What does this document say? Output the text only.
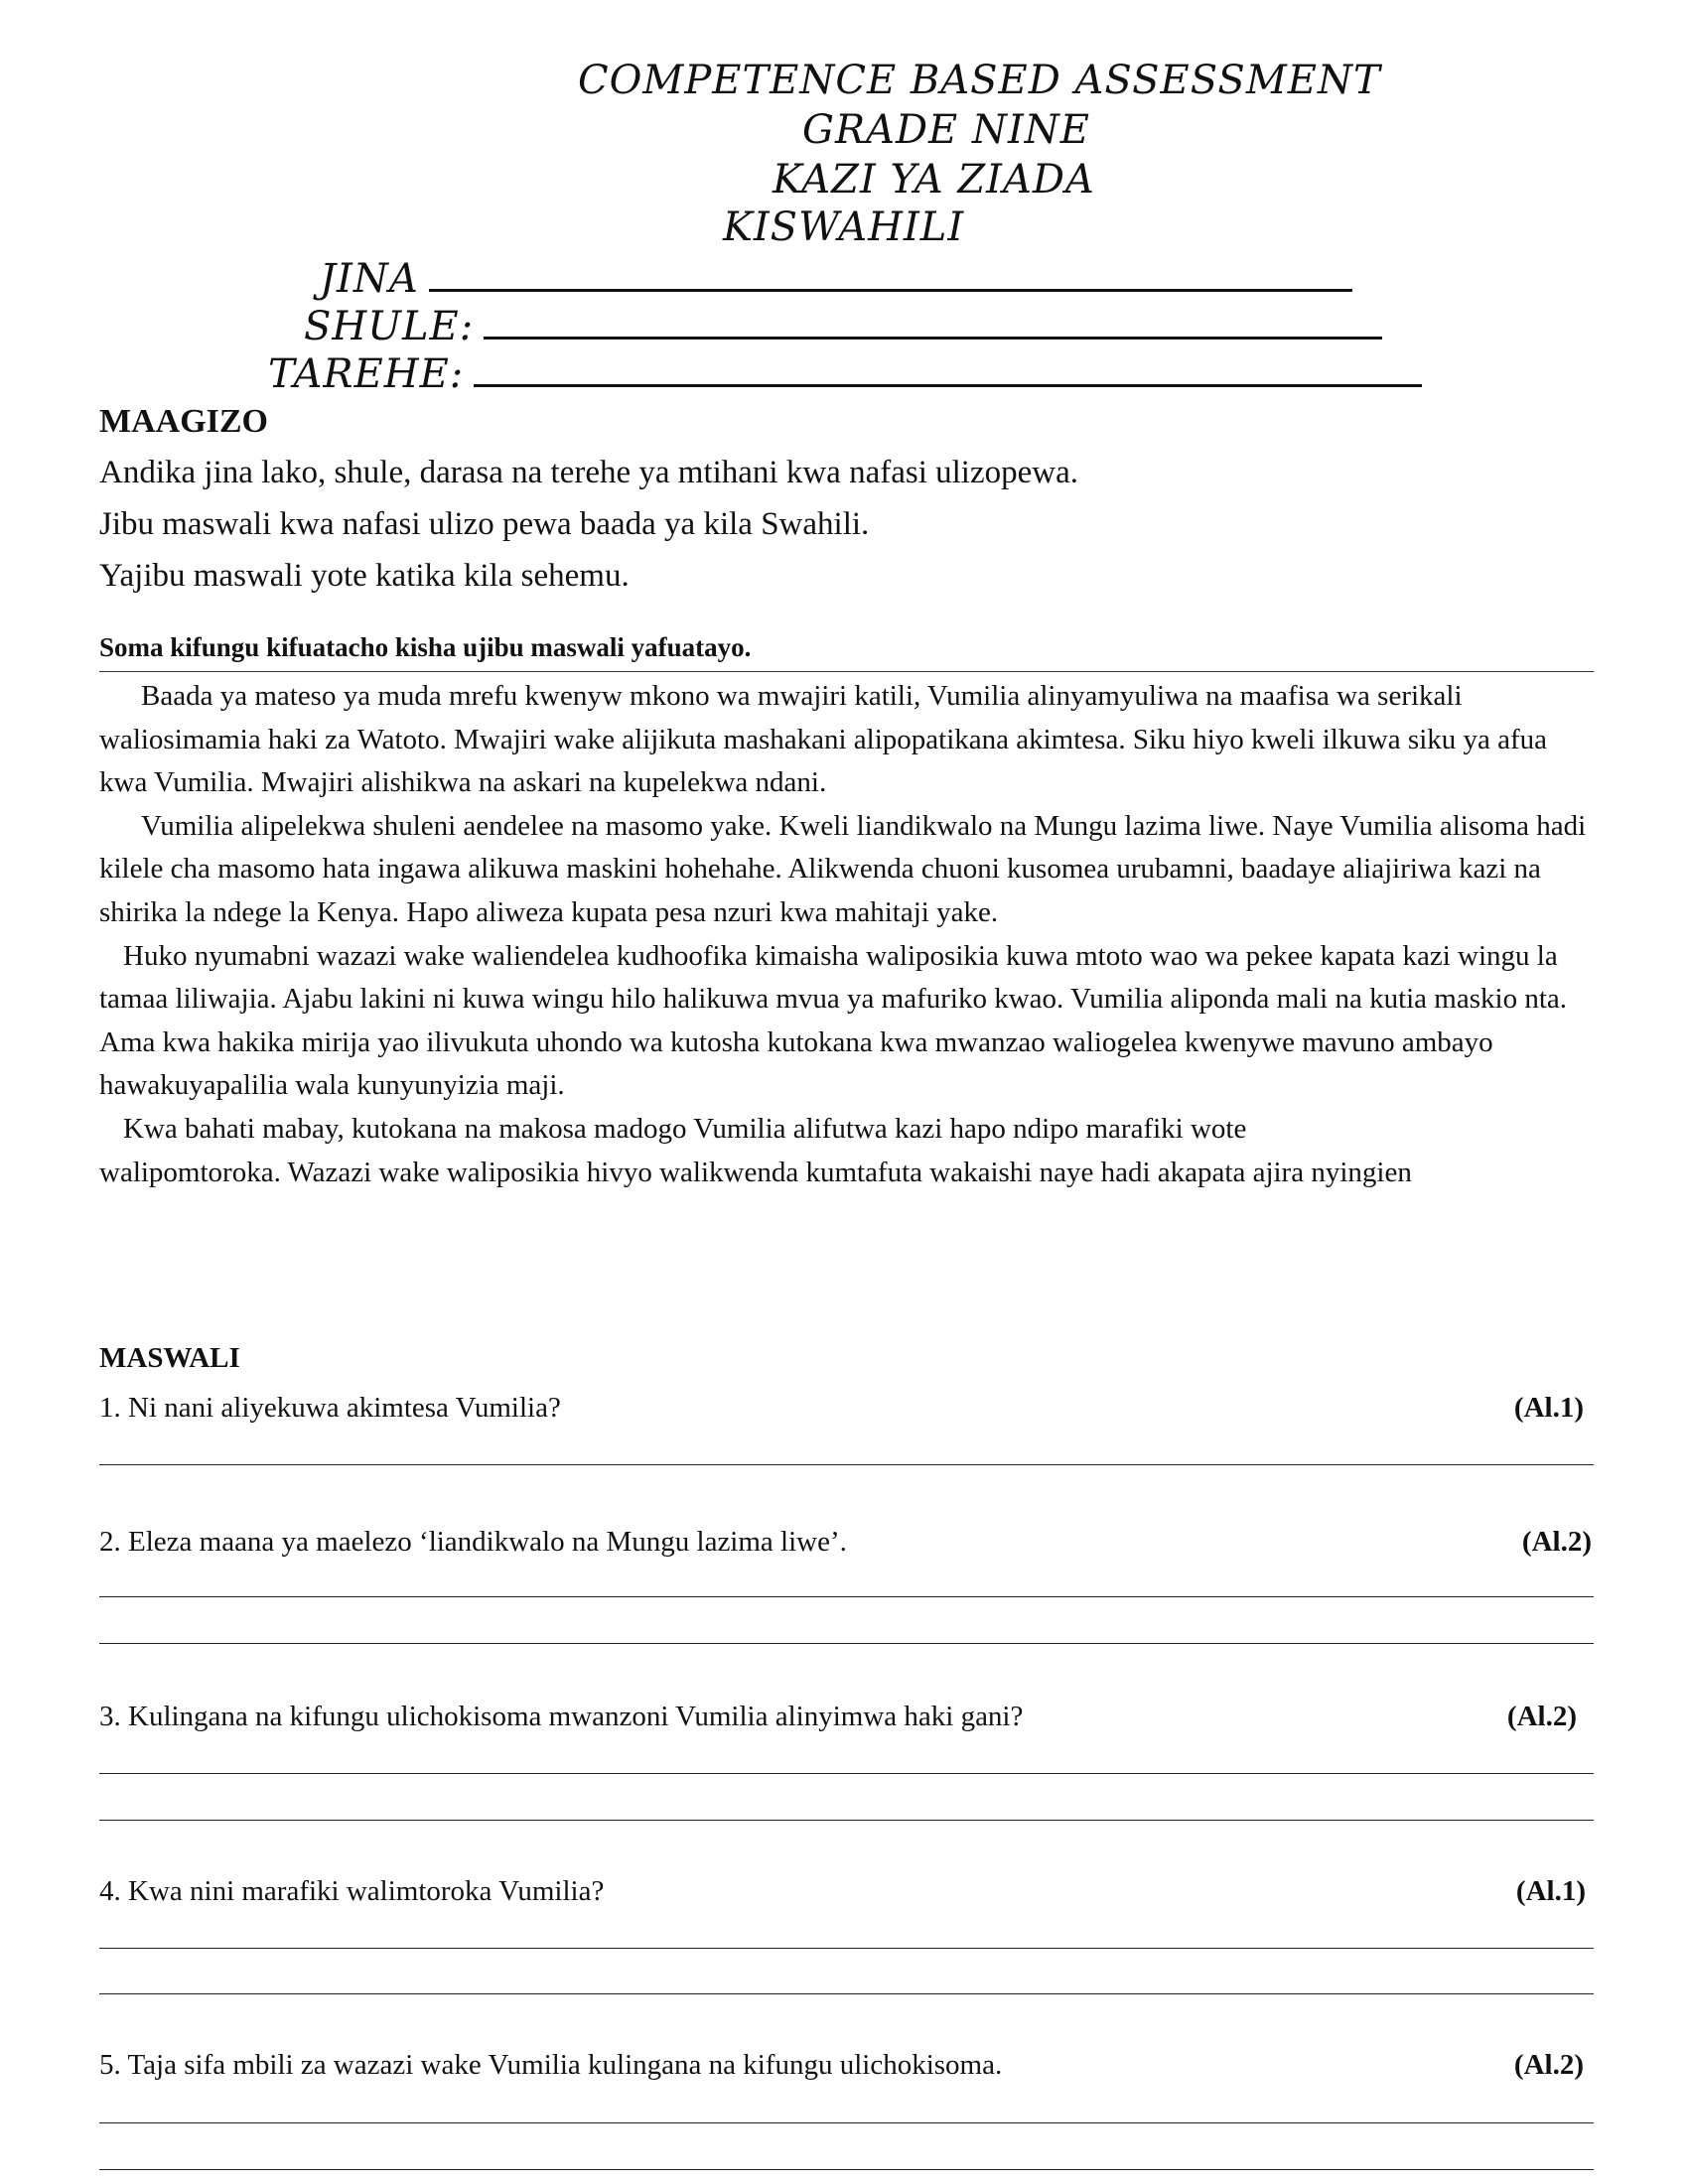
COMPETENCE BASED ASSESSMENT
GRADE NINE
KAZI YA ZIADA
KISWAHILI
JINA
SHULE:
TAREHE:
MAAGIZO
Andika jina lako, shule, darasa na terehe ya mtihani kwa nafasi ulizopewa.
Jibu maswali kwa nafasi ulizo pewa baada ya kila Swahili.
Yajibu maswali yote katika kila sehemu.
Soma kifungu kifuatacho kisha ujibu maswali yafuatayo.

Baada ya mateso ya muda mrefu kwenyw mkono wa mwajiri katili, Vumilia alinyamyuliwa na maafisa wa serikali waliosimamia haki za Watoto. Mwajiri wake alijikuta mashakani alipopatikana akimtesa. Siku hiyo kweli ilkuwa siku ya afua kwa Vumilia. Mwajiri alishikwa na askari na kupelekwa ndani.

Vumilia alipelekwa shuleni aendelee na masomo yake. Kweli liandikwalo na Mungu lazima liwe. Naye Vumilia alisoma hadi kilele cha masomo hata ingawa alikuwa maskini hohehahe. Alikwenda chuoni kusomea urubamni, baadaye aliajiriwa kazi na shirika la ndege la Kenya. Hapo aliweza kupata pesa nzuri kwa mahitaji yake.

Huko nyumabni wazazi wake waliendelea kudhoofika kimaisha waliposikia kuwa mtoto wao wa pekee kapata kazi wingu la tamaa liliwajia. Ajabu lakini ni kuwa wingu hilo halikuwa mvua ya mafuriko kwao. Vumilia aliponda mali na kutia maskio nta. Ama kwa hakika mirija yao ilivukuta uhondo wa kutosha kutokana kwa mwanzao waliogelea kwenywe mavuno ambayo hawakuyapalilia wala kunyunyizia maji.

Kwa bahati mabay, kutokana na makosa madogo Vumilia alifutwa kazi hapo ndipo marafiki wote walipomtoroka. Wazazi wake waliposikia hivyo walikwenda kumtafuta wakaishi naye hadi akapata ajira nyingien

MASWALI
1. Ni nani aliyekuwa akimtesa Vumilia?	(Al.1)
2. Eleza maana ya maelezo ‘liandikwalo na Mungu lazima liwe’.	(Al.2)
3. Kulingana na kifungu ulichokisoma mwanzoni Vumilia alinyimwa haki gani?	(Al.2)
4. Kwa nini marafiki walimtoroka Vumilia?	(Al.1)
5. Taja sifa mbili za wazazi wake Vumilia kulingana na kifungu ulichokisoma.	(Al.2)
